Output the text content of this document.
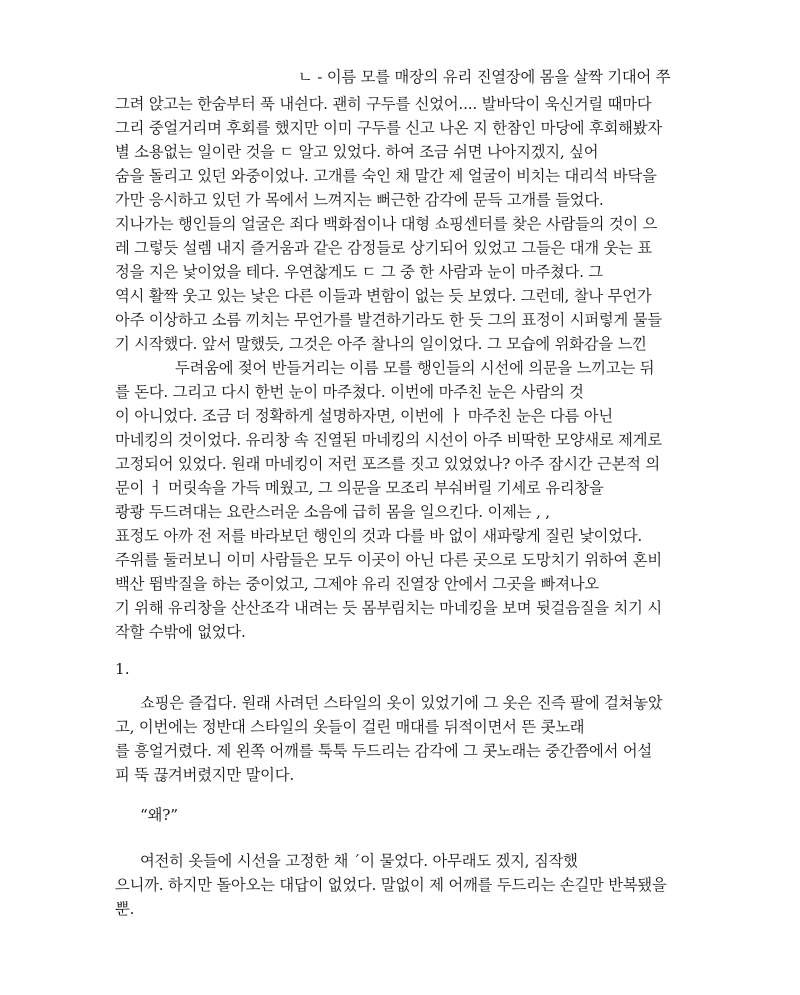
ㄴ - 이름 모를 매장의 유리 진열장에 몸을 살짝 기대어 쭈
그려 앉고는 한숨부터 푹 내쉰다. 괜히 구두를 신었어.... 발바닥이 욱신거릴 때마다
그리 중얼거리며 후회를 했지만 이미 구두를 신고 나온 지 한참인 마당에 후회해봤자
별 소용없는 일이란 것을 ㄷ 알고 있었다. 하여 조금 쉬면 나아지겠지, 싶어
숨을 돌리고 있던 와중이었나. 고개를 숙인 채 말간 제 얼굴이 비치는 대리석 바닥을
가만 응시하고 있던 가 목에서 느껴지는 뻐근한 감각에 문득 고개를 들었다.
지나가는 행인들의 얼굴은 죄다 백화점이나 대형 쇼핑센터를 찾은 사람들의 것이 으
레 그렇듯 설렘 내지 즐거움과 같은 감정들로 상기되어 있었고 그들은 대개 웃는 표
정을 지은 낯이었을 테다. 우연찮게도 ㄷ 그 중 한 사람과 눈이 마주쳤다. 그
역시 활짝 웃고 있는 낯은 다른 이들과 변함이 없는 듯 보였다. 그런데, 찰나 무언가
아주 이상하고 소름 끼치는 무언가를 발견하기라도 한 듯 그의 표정이 시퍼렇게 물들
기 시작했다. 앞서 말했듯, 그것은 아주 찰나의 일이었다. 그 모습에 위화감을 느낀
두려움에 젖어 반들거리는 이름 모를 행인들의 시선에 의문을 느끼고는 뒤
를 돈다. 그리고 다시 한번 눈이 마주쳤다. 이번에 마주친 눈은 사람의 것
이 아니었다. 조금 더 정확하게 설명하자면, 이번에 ㅏ 마주친 눈은 다름 아닌
마네킹의 것이었다. 유리창 속 진열된 마네킹의 시선이 아주 비딱한 모양새로 제게로
고정되어 있었다. 원래 마네킹이 저런 포즈를 짓고 있었었나? 아주 잠시간 근본적 의
문이 ㅓ 머릿속을 가득 메웠고, 그 의문을 모조리 부숴버릴 기세로 유리창을
쾅쾅 두드려대는 요란스러운 소음에 급히 몸을 일으킨다. 이제는 , ,
표정도 아까 전 저를 바라보던 행인의 것과 다를 바 없이 새파랗게 질린 낯이었다.
주위를 둘러보니 이미 사람들은 모두 이곳이 아닌 다른 곳으로 도망치기 위하여 혼비
백산 뜀박질을 하는 중이었고, 그제야 유리 진열장 안에서 그곳을 빠져나오
기 위해 유리창을 산산조각 내려는 듯 몸부림치는 마네킹을 보며 뒷걸음질을 치기 시
작할 수밖에 없었다.
1.
쇼핑은 즐겁다. 원래 사려던 스타일의 옷이 있었기에 그 옷은 진즉 팔에 걸쳐놓았
고, 이번에는 정반대 스타일의 옷들이 걸린 매대를 뒤적이면서 뜬 콧노래
를 흥얼거렸다. 제 왼쪽 어깨를 툭툭 두드리는 감각에 그 콧노래는 중간쯤에서 어설
피 뚝 끊겨버렸지만 말이다.
“왜?”
여전히 옷들에 시선을 고정한 채 ˊ이 물었다. 아무래도 겠지, 짐작했
으니까. 하지만 돌아오는 대답이 없었다. 말없이 제 어깨를 두드리는 손길만 반복됐을
뿐.
